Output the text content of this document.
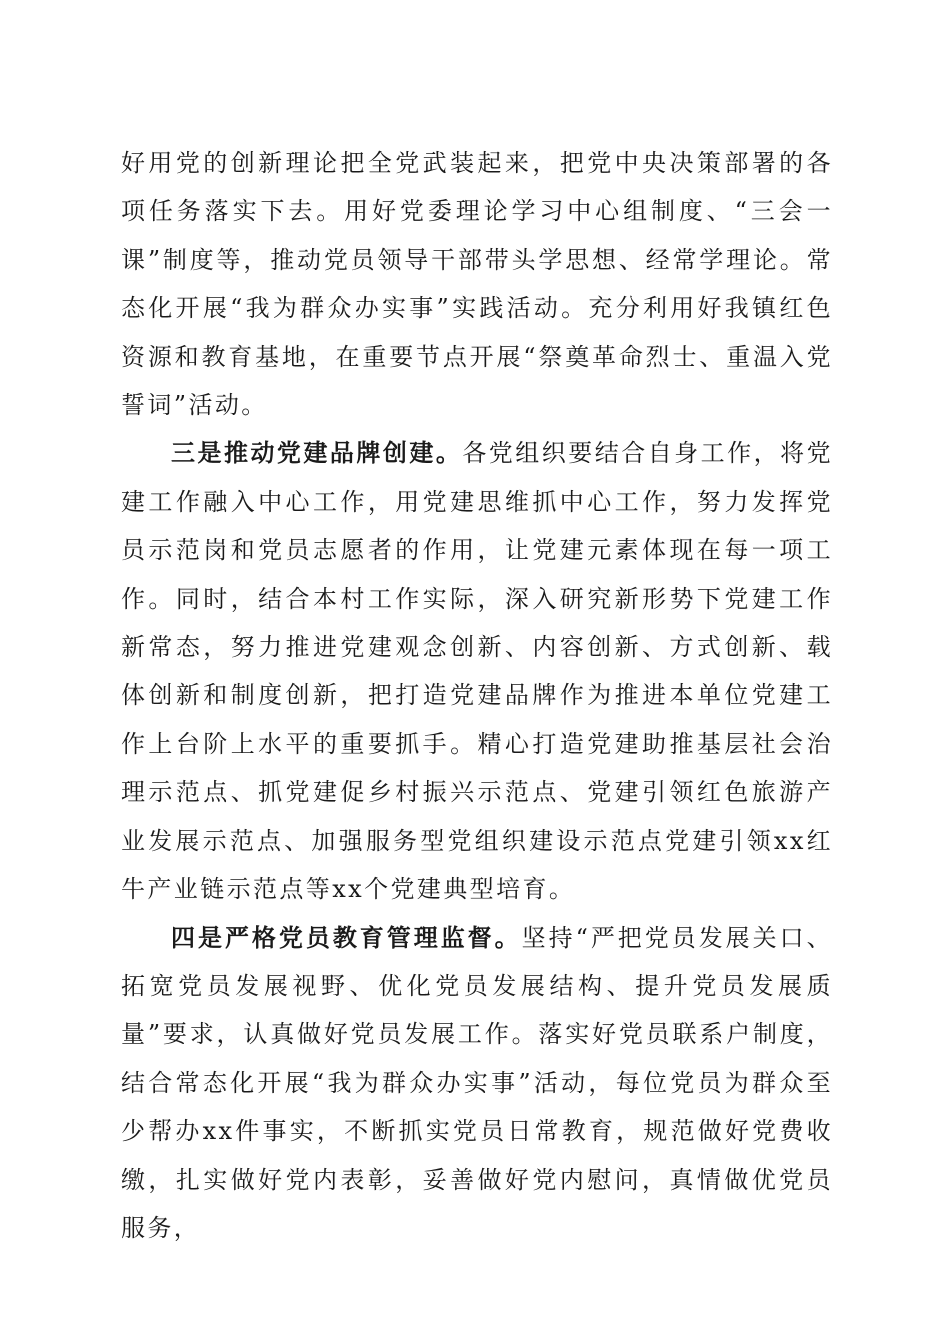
好用党的创新理论把全党武装起来，把党中央决策部署的各项任务落实下去。用好党委理论学习中心组制度、“三会一课”制度等，推动党员领导干部带头学思想、经常学理论。常态化开展“我为群众办实事”实践活动。充分利用好我镇红色资源和教育基地，在重要节点开展“祭奠革命烈士、重温入党誓词”活动。

三是推动党建品牌创建。各党组织要结合自身工作，将党建工作融入中心工作，用党建思维抓中心工作，努力发挥党员示范岗和党员志愿者的作用，让党建元素体现在每一项工作。同时，结合本村工作实际，深入研究新形势下党建工作新常态，努力推进党建观念创新、内容创新、方式创新、载体创新和制度创新，把打造党建品牌作为推进本单位党建工作上台阶上水平的重要抓手。精心打造党建助推基层社会治理示范点、抓党建促乡村振兴示范点、党建引领红色旅游产业发展示范点、加强服务型党组织建设示范点党建引领xx红牛产业链示范点等xx个党建典型培育。

四是严格党员教育管理监督。坚持“严把党员发展关口、拓宽党员发展视野、优化党员发展结构、提升党员发展质量”要求，认真做好党员发展工作。落实好党员联系户制度，结合常态化开展“我为群众办实事”活动，每位党员为群众至少帮办xx件事实，不断抓实党员日常教育，规范做好党费收缴，扎实做好党内表彰，妥善做好党内慰问，真情做优党员服务，
